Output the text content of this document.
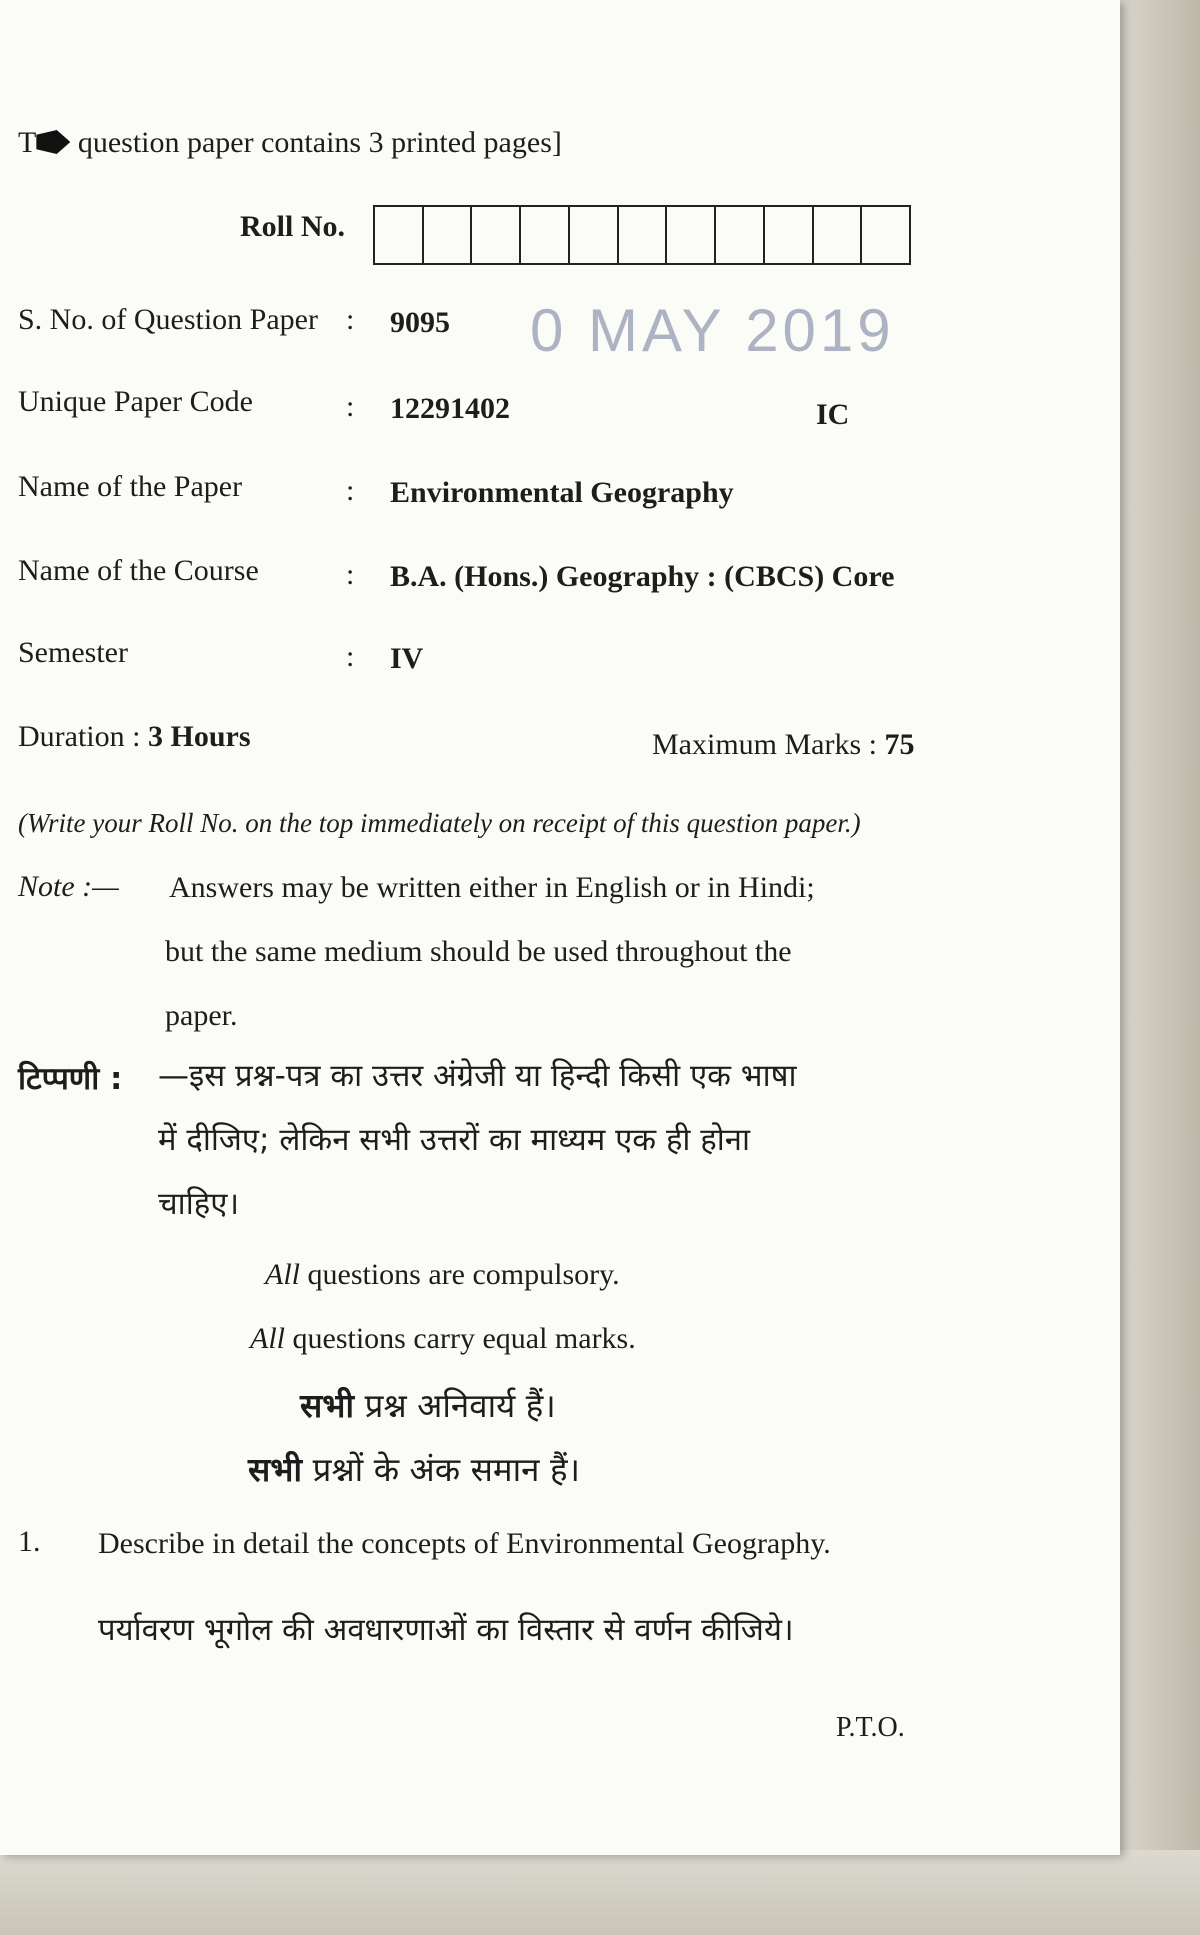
T question paper contains 3 printed pages]
Roll No.
0 MAY 2019
S. No. of Question Paper : 9095
Unique Paper Code	: 12291402	IC
Name of the Paper	: Environmental Geography
Name of the Course	: B.A. (Hons.) Geography : (CBCS) Core
Semester	: IV
Duration : 3 Hours	Maximum Marks : 75
(Write your Roll No. on the top immediately on receipt of this question paper.)
Note :— Answers may be written either in English or in Hindi;
but the same medium should be used throughout the
paper.
टिप्पणी : —इस प्रश्न-पत्र का उत्तर अंग्रेजी या हिन्दी किसी एक भाषा
में दीजिए; लेकिन सभी उत्तरों का माध्यम एक ही होना
चाहिए।
All questions are compulsory.
All questions carry equal marks.
सभी प्रश्न अनिवार्य हैं।
सभी प्रश्नों के अंक समान हैं।
1. Describe in detail the concepts of Environmental Geography.
पर्यावरण भूगोल की अवधारणाओं का विस्तार से वर्णन कीजिये।
P.T.O.
